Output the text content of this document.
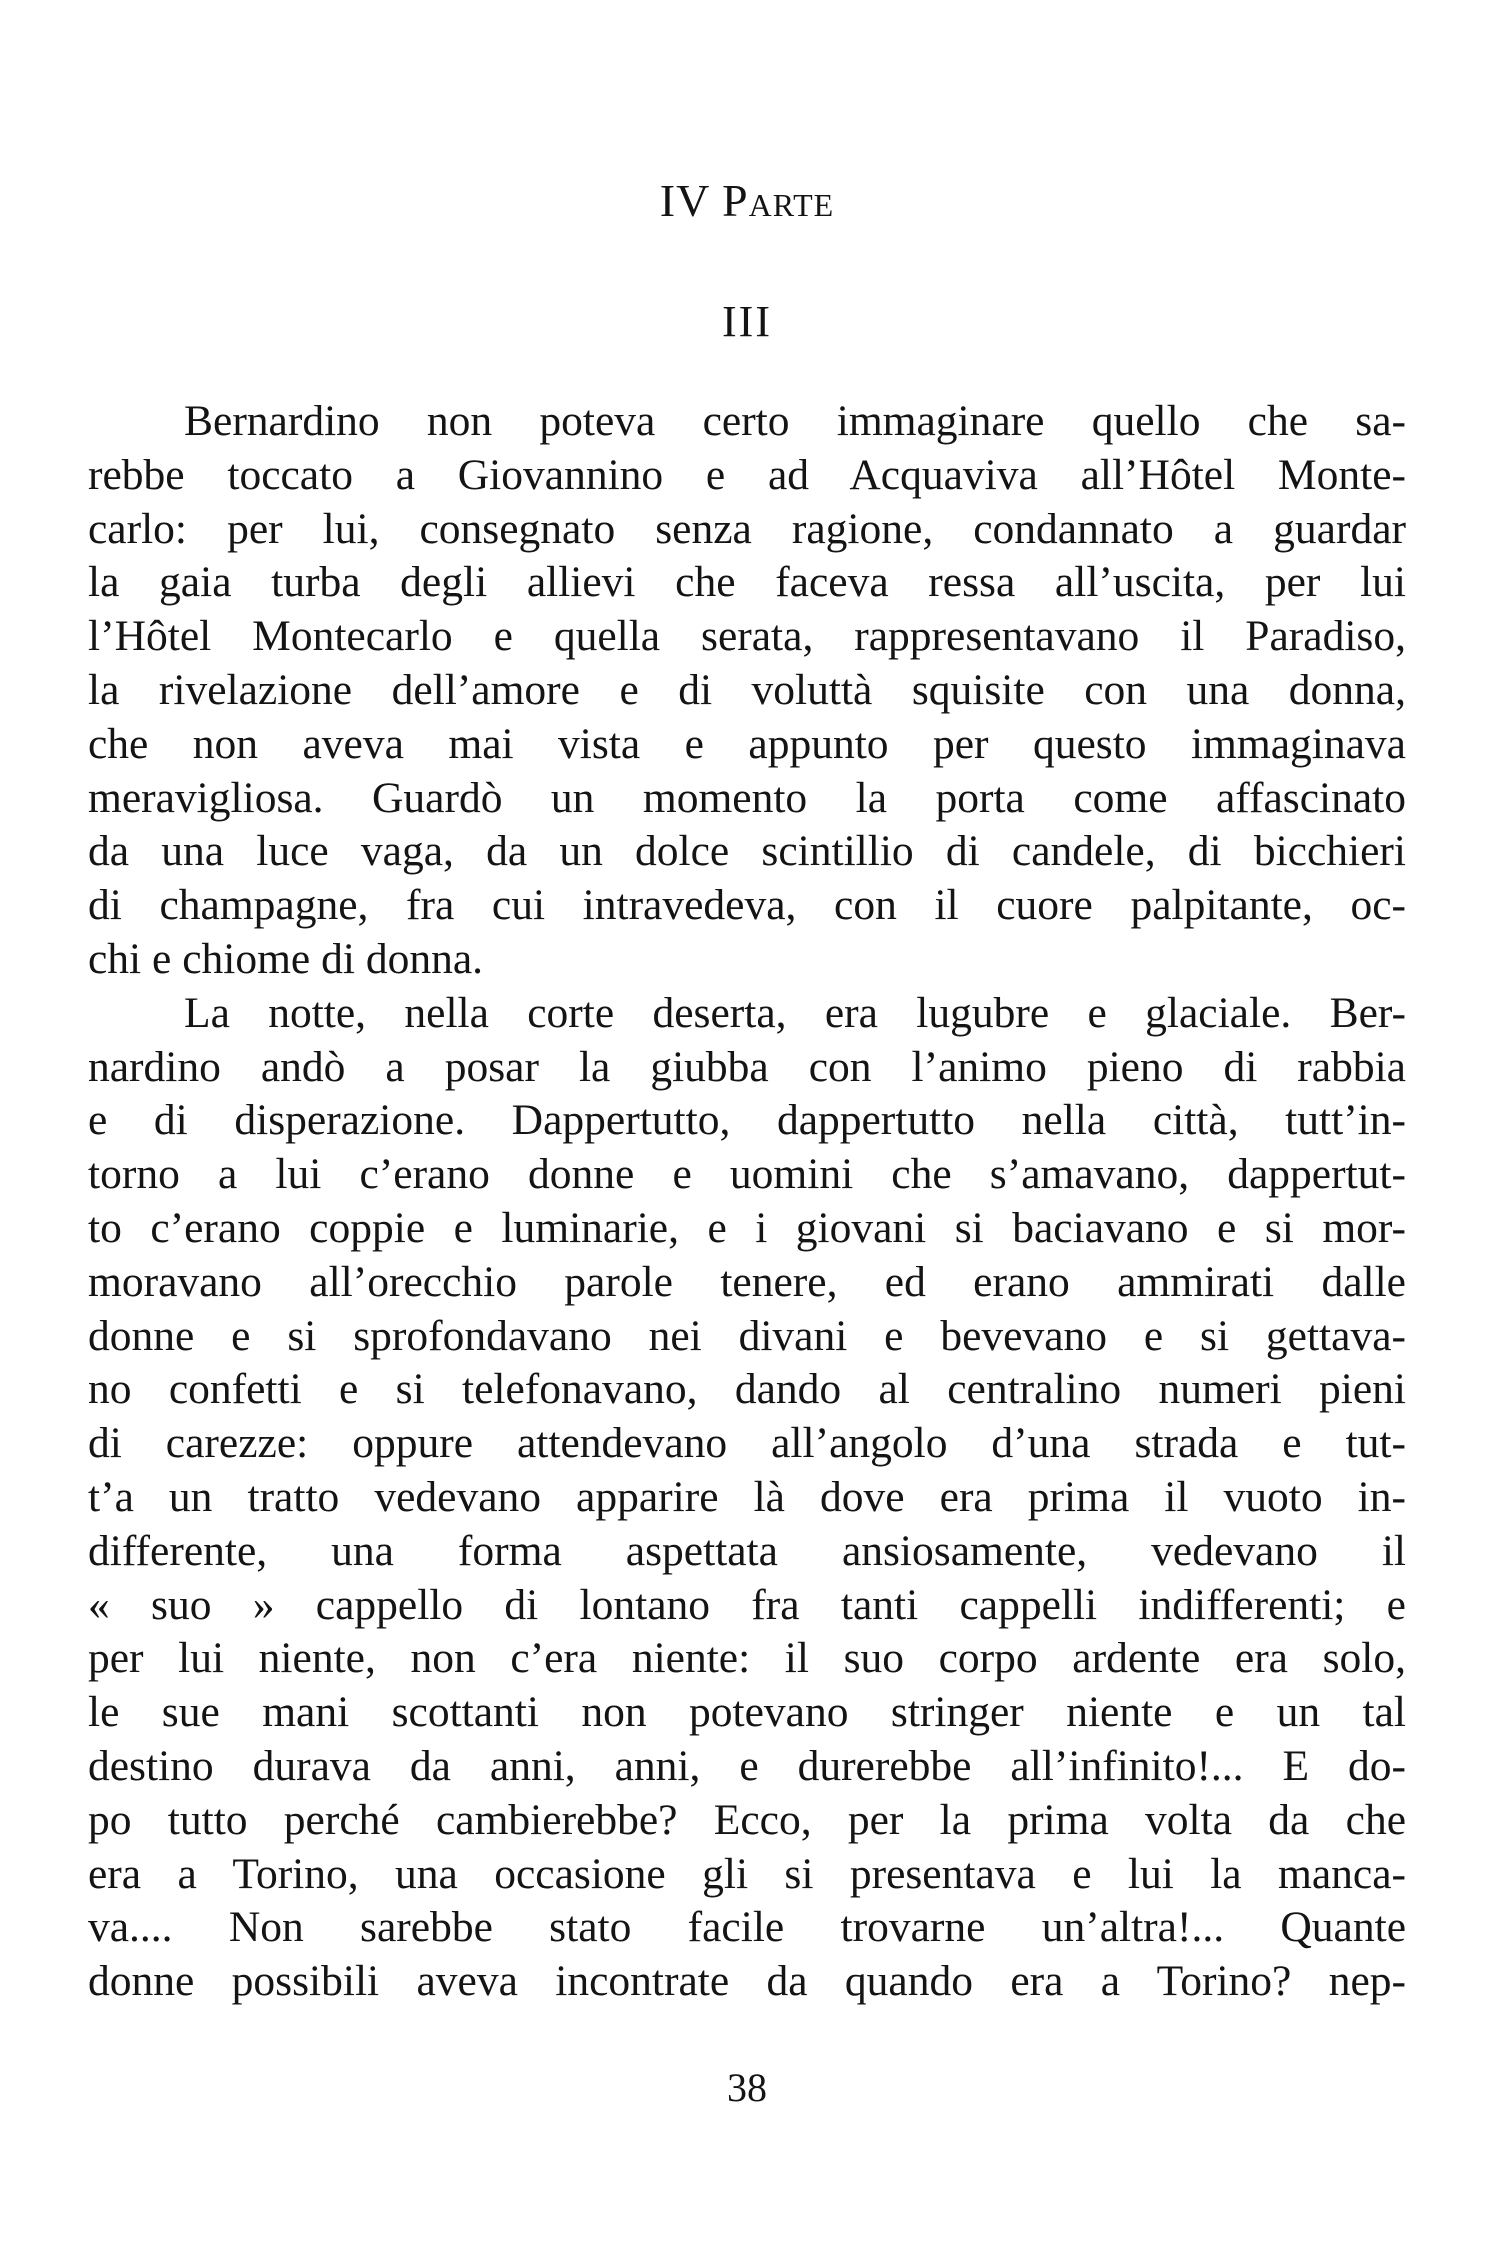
IV Parte
III
Bernardino non poteva certo immaginare quello che sa-
rebbe toccato a Giovannino e ad Acquaviva all’Hôtel Monte-
carlo: per lui, consegnato senza ragione, condannato a guardar
la gaia turba degli allievi che faceva ressa all’uscita, per lui
l’Hôtel Montecarlo e quella serata, rappresentavano il Paradiso,
la rivelazione dell’amore e di voluttà squisite con una donna,
che non aveva mai vista e appunto per questo immaginava
meravigliosa. Guardò un momento la porta come affascinato
da una luce vaga, da un dolce scintillio di candele, di bicchieri
di champagne, fra cui intravedeva, con il cuore palpitante, oc-
chi e chiome di donna.
La notte, nella corte deserta, era lugubre e glaciale. Ber-
nardino andò a posar la giubba con l’animo pieno di rabbia
e di disperazione. Dappertutto, dappertutto nella città, tutt’in-
torno a lui c’erano donne e uomini che s’amavano, dappertut-
to c’erano coppie e luminarie, e i giovani si baciavano e si mor-
moravano all’orecchio parole tenere, ed erano ammirati dalle
donne e si sprofondavano nei divani e bevevano e si gettava-
no confetti e si telefonavano, dando al centralino numeri pieni
di carezze: oppure attendevano all’angolo d’una strada e tut-
t’a un tratto vedevano apparire là dove era prima il vuoto in-
differente, una forma aspettata ansiosamente, vedevano il
« suo » cappello di lontano fra tanti cappelli indifferenti; e
per lui niente, non c’era niente: il suo corpo ardente era solo,
le sue mani scottanti non potevano stringer niente e un tal
destino durava da anni, anni, e durerebbe all’infinito!... E do-
po tutto perché cambierebbe? Ecco, per la prima volta da che
era a Torino, una occasione gli si presentava e lui la manca-
va.... Non sarebbe stato facile trovarne un’altra!... Quante
donne possibili aveva incontrate da quando era a Torino? nep-
38
